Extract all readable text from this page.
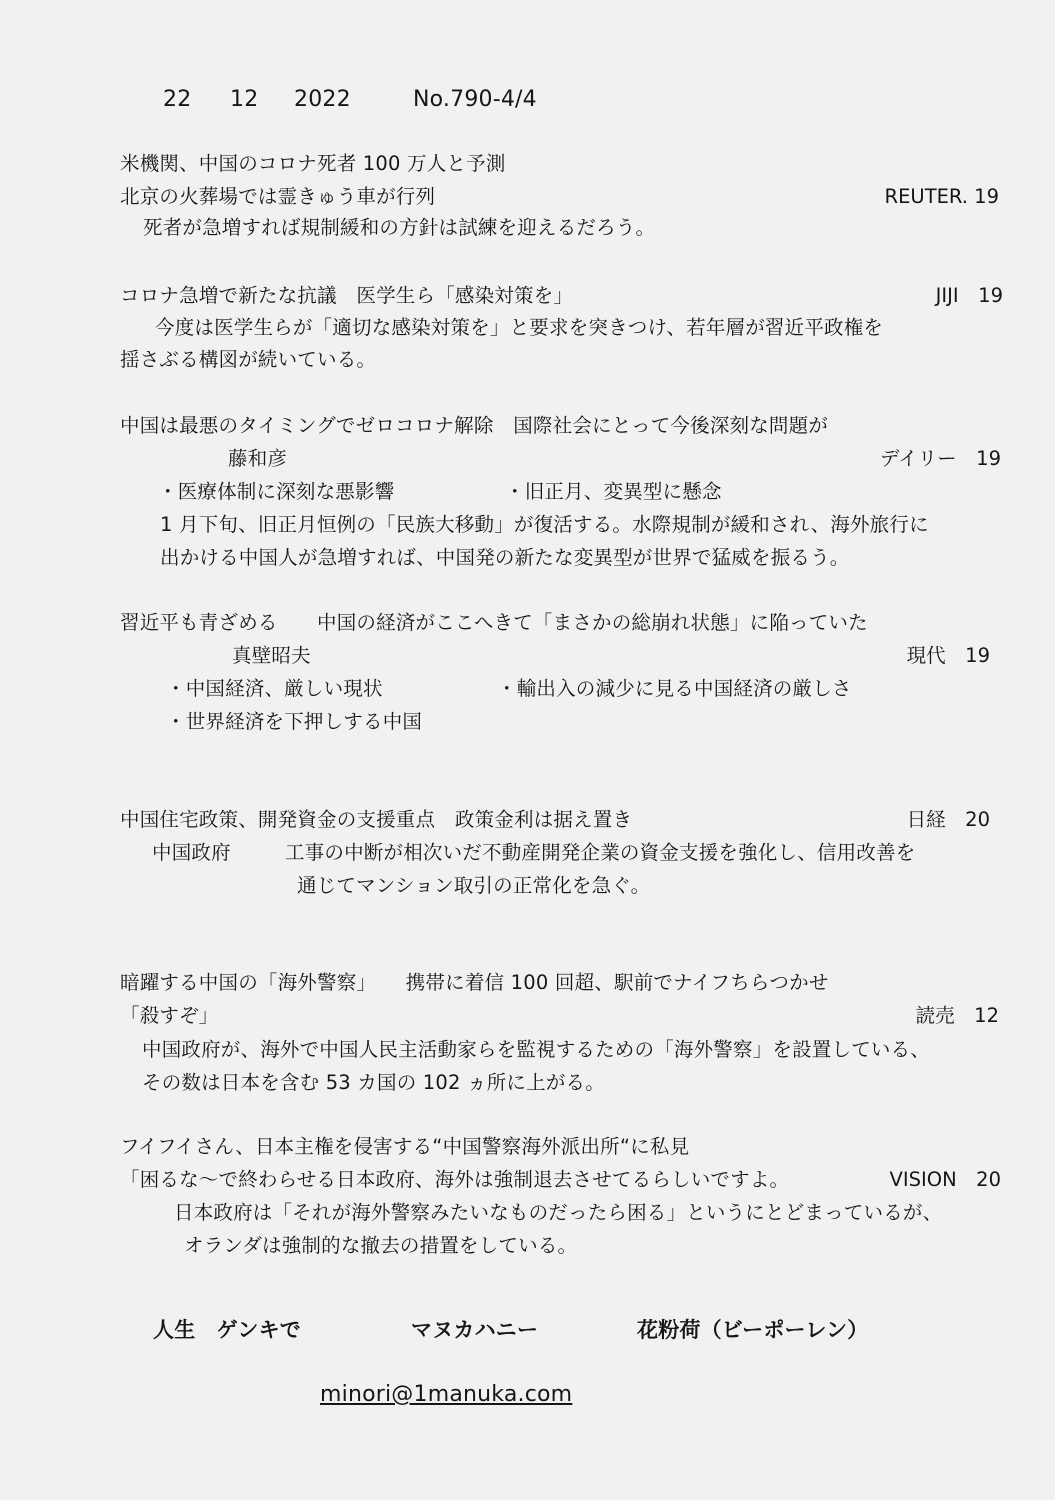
22 12 2022	No.790-4/4
米機関、中国のコロナ死者 100 万人と予測
北京の火葬場では霊きゅう車が行列	REUTER. 19
死者が急増すれば規制緩和の方針は試練を迎えるだろう。
コロナ急増で新たな抗議　医学生ら「感染対策を」	JIJI　19
今度は医学生らが「適切な感染対策を」と要求を突きつけ、若年層が習近平政権を
揺さぶる構図が続いている。
中国は最悪のタイミングでゼロコロナ解除　国際社会にとって今後深刻な問題が
藤和彦	デイリー　19
・医療体制に深刻な悪影響	・旧正月、変異型に懸念
1 月下旬、旧正月恒例の「民族大移動」が復活する。水際規制が緩和され、海外旅行に
出かける中国人が急増すれば、中国発の新たな変異型が世界で猛威を振るう。
習近平も青ざめる　　中国の経済がここへきて「まさかの総崩れ状態」に陥っていた
真壁昭夫	現代　19
・中国経済、厳しい現状	・輸出入の減少に見る中国経済の厳しさ
・世界経済を下押しする中国
中国住宅政策、開発資金の支援重点　政策金利は据え置き	日経　20
中国政府	工事の中断が相次いだ不動産開発企業の資金支援を強化し、信用改善を
通じてマンション取引の正常化を急ぐ。
暗躍する中国の「海外警察」　　携帯に着信 100 回超、駅前でナイフちらつかせ
「殺すぞ」	読売　12
中国政府が、海外で中国人民主活動家らを監視するための「海外警察」を設置している、
その数は日本を含む 53 カ国の 102 ヵ所に上がる。
フイフイさん、日本主権を侵害する“中国警察海外派出所“に私見
「困るな～で終わらせる日本政府、海外は強制退去させてるらしいですよ。	VISION　20
日本政府は「それが海外警察みたいなものだったら困る」というにとどまっているが、
オランダは強制的な撤去の措置をしている。
人生　ゲンキで	マヌカハニー	花粉荷（ビーポーレン）
minori@1manuka.com
